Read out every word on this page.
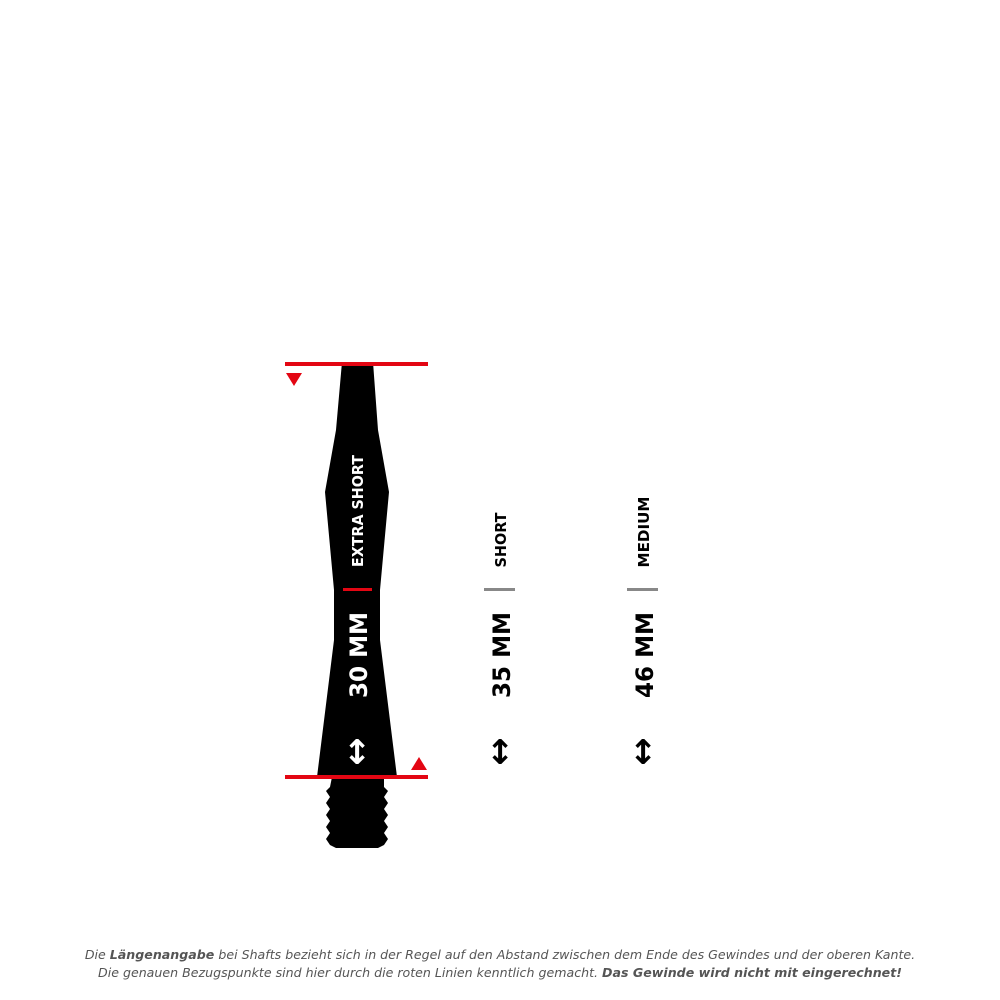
EXTRA SHORT
30 MM
↕
SHORT
35 MM
↕
MEDIUM
46 MM
↕
Die Längenangabe bei Shafts bezieht sich in der Regel auf den Abstand zwischen dem Ende des Gewindes und der oberen Kante.
Die genauen Bezugspunkte sind hier durch die roten Linien kenntlich gemacht. Das Gewinde wird nicht mit eingerechnet!
